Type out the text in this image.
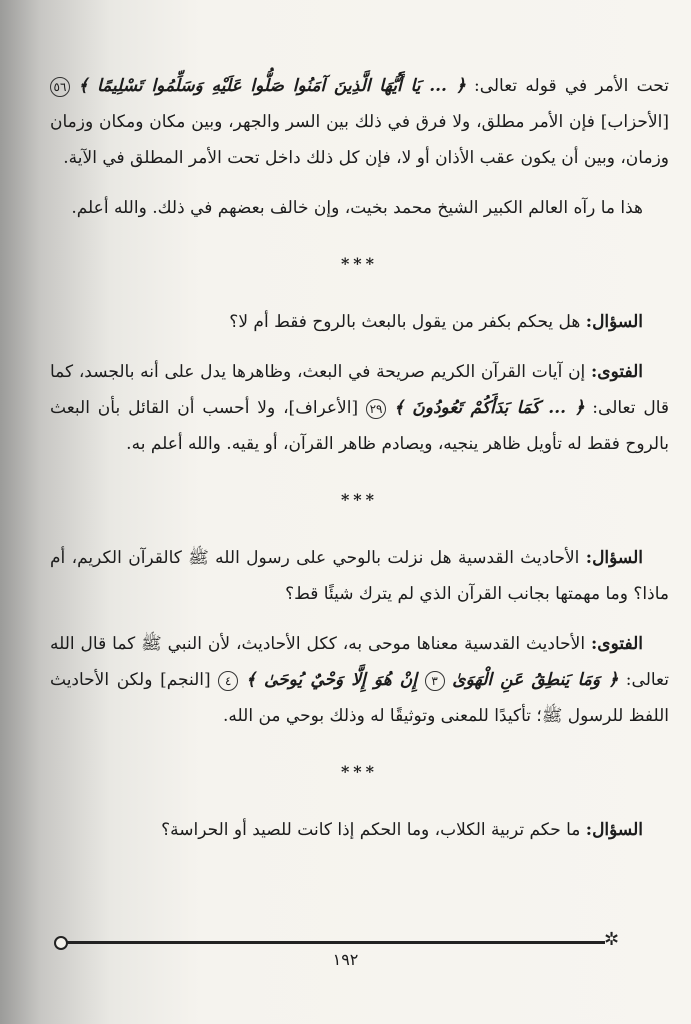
تحت الأمر في قوله تعالى: ﴿ ... يَا أَيُّهَا الَّذِينَ آمَنُوا صَلُّوا عَلَيْهِ وَسَلِّمُوا تَسْلِيمًا ﴾ ٥٦ [الأحزاب] فإن الأمر مطلق، ولا فرق في ذلك بين السر والجهر، وبين مكان ومكان وزمان وزمان، وبين أن يكون عقب الأذان أو لا، فإن كل ذلك داخل تحت الأمر المطلق في الآية.

هذا ما رآه العالم الكبير الشيخ محمد بخيت، وإن خالف بعضهم في ذلك. والله أعلم.

***

السؤال: هل يحكم بكفر من يقول بالبعث بالروح فقط أم لا؟

الفتوى: إن آيات القرآن الكريم صريحة في البعث، وظاهرها يدل على أنه بالجسد، كما قال تعالى: ﴿ ... كَمَا بَدَأَكُمْ تَعُودُونَ ﴾ ٢٩ [الأعراف]، ولا أحسب أن القائل بأن البعث بالروح فقط له تأويل ظاهر ينجيه، ويصادم ظاهر القرآن، أو يقيه. والله أعلم به.

***

السؤال: الأحاديث القدسية هل نزلت بالوحي على رسول الله ﷺ كالقرآن الكريم، أم ماذا؟ وما مهمتها بجانب القرآن الذي لم يترك شيئًا قط؟

الفتوى: الأحاديث القدسية معناها موحى به، ككل الأحاديث، لأن النبي ﷺ كما قال الله تعالى: ﴿ وَمَا يَنطِقُ عَنِ الْهَوَىٰ ٣ إِنْ هُوَ إِلَّا وَحْيٌ يُوحَىٰ ﴾ ٤ [النجم] ولكن الأحاديث اللفظ للرسول ﷺ؛ تأكيدًا للمعنى وتوثيقًا له وذلك بوحي من الله.

***

السؤال: ما حكم تربية الكلاب، وما الحكم إذا كانت للصيد أو الحراسة؟

✲
١٩٢
